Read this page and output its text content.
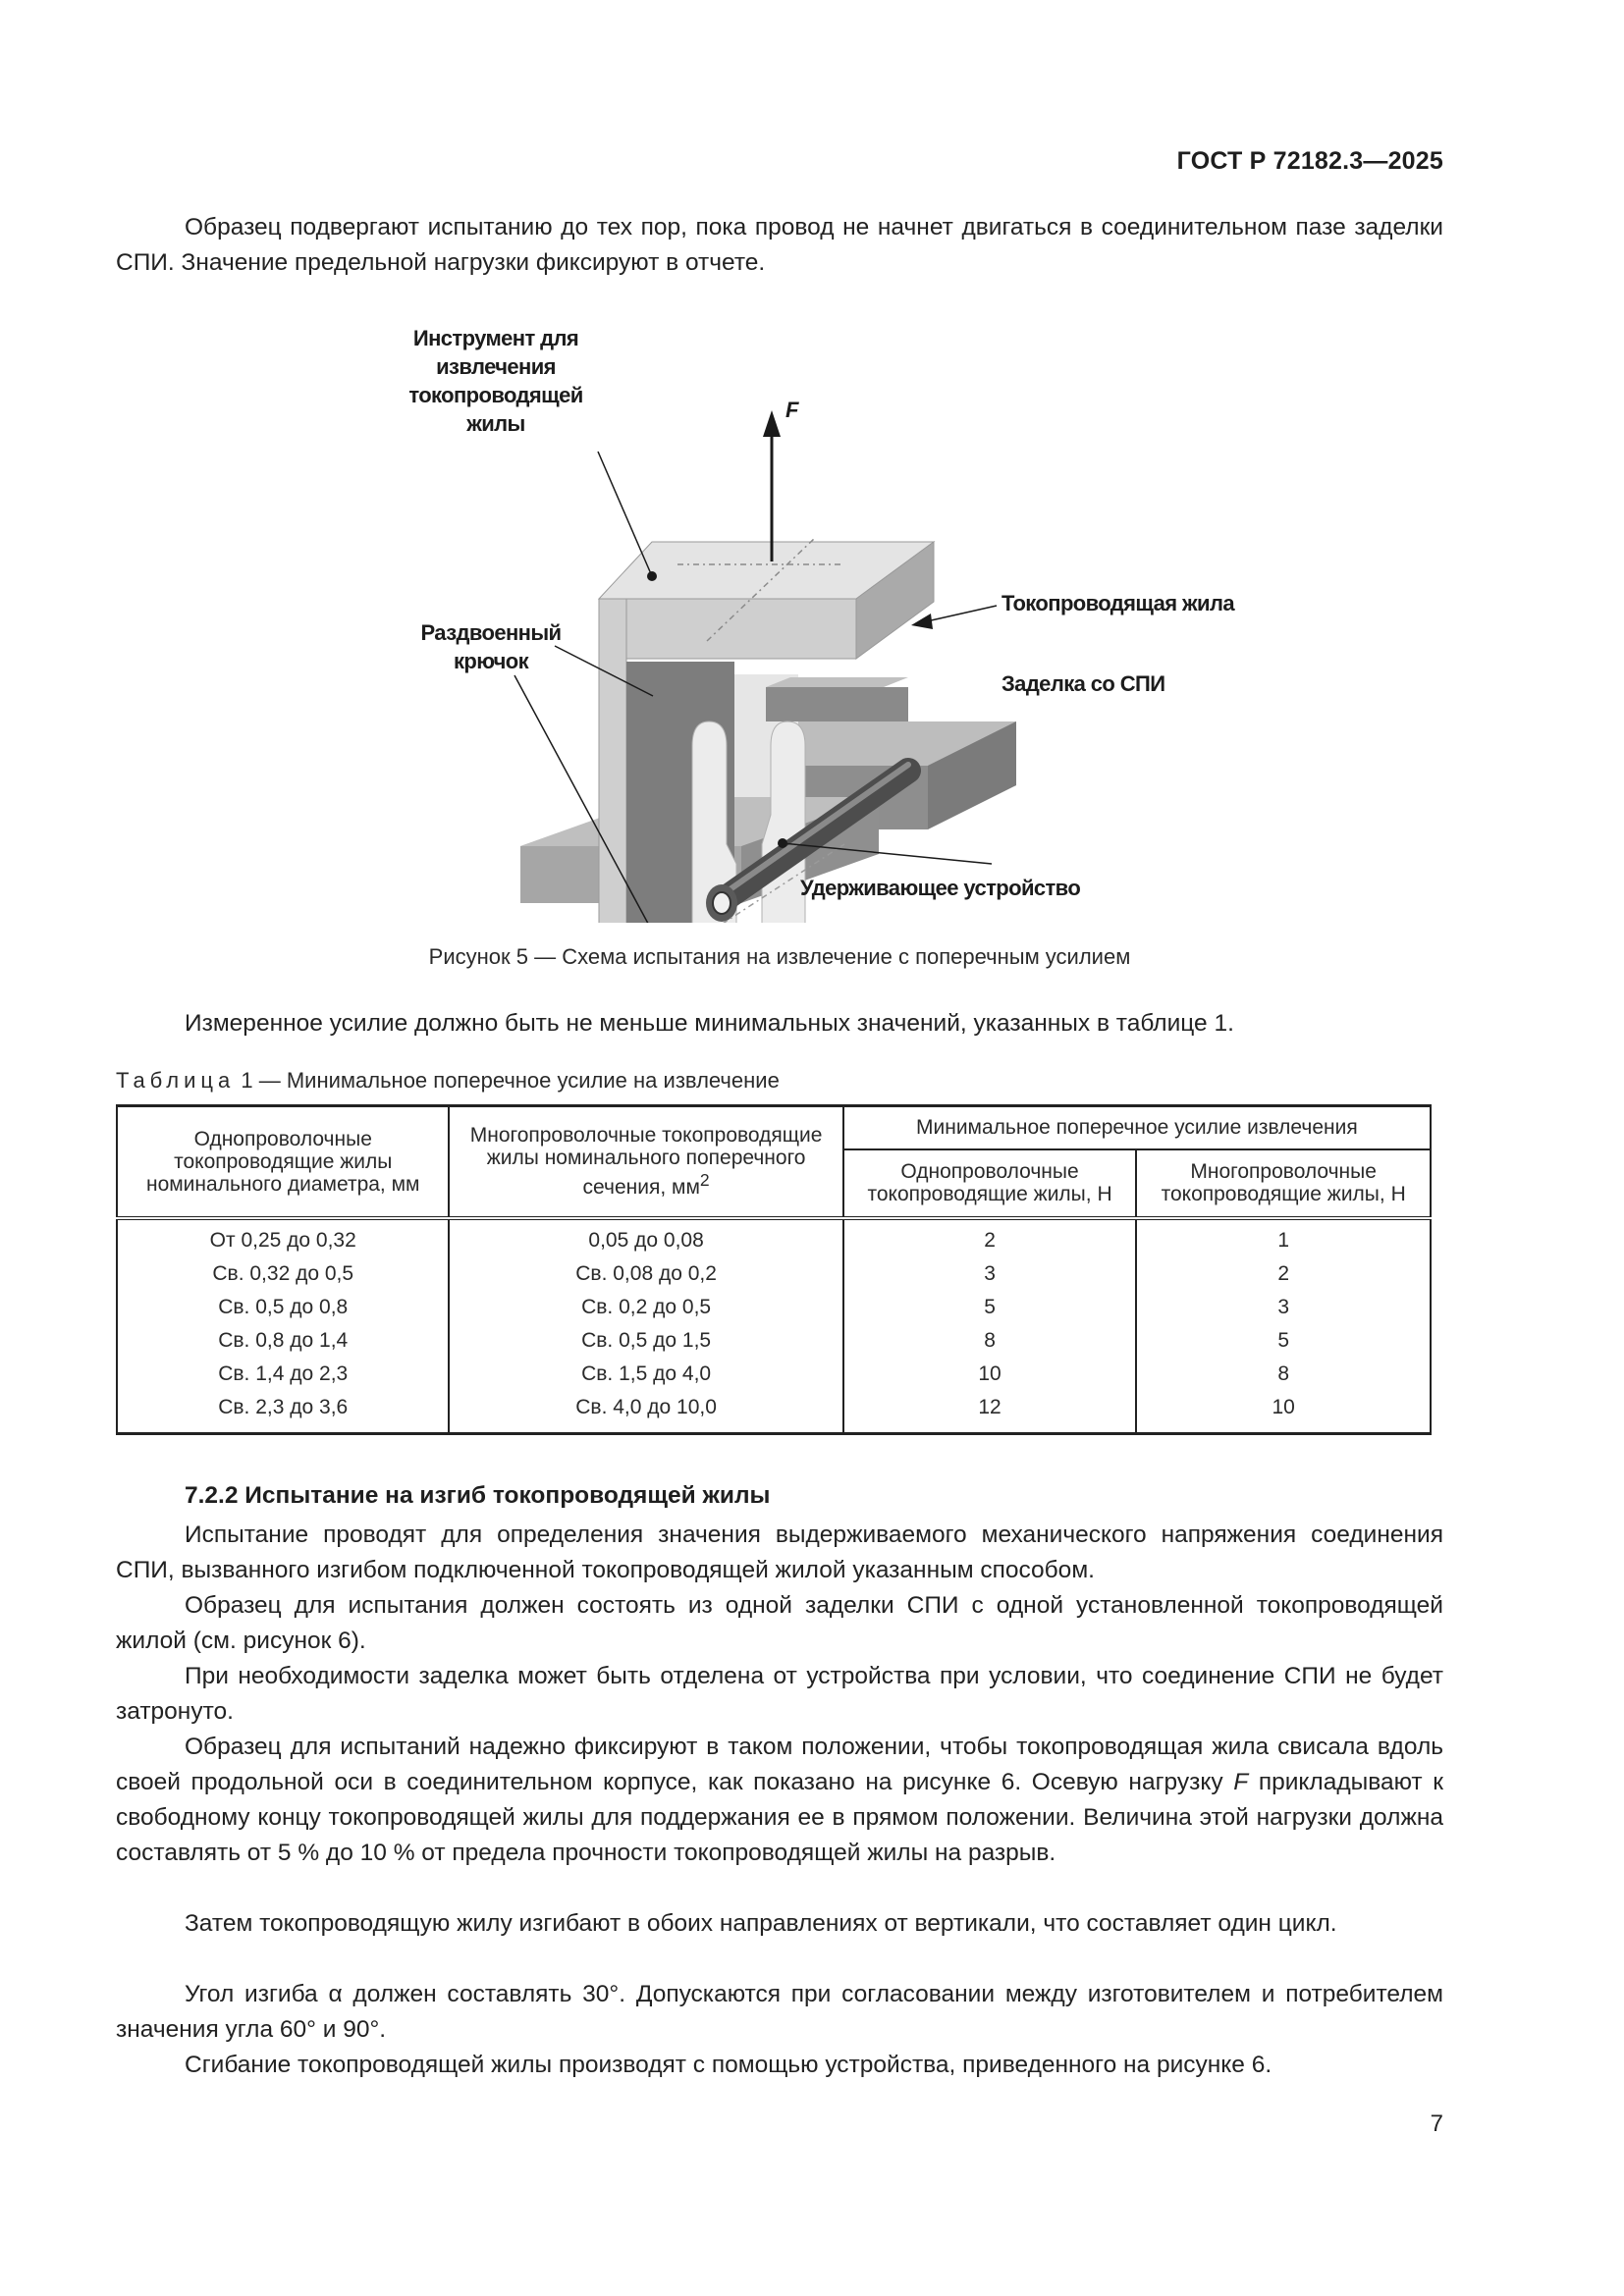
ГОСТ Р 72182.3—2025

Образец подвергают испытанию до тех пор, пока провод не начнет двигаться в соединительном пазе заделки СПИ. Значение предельной нагрузки фиксируют в отчете.

Инструмент для
извлечения
токопроводящей
жилы
F
Токопроводящая жила
Раздвоенный
крючок
Заделка со СПИ
Удерживающее устройство
Рисунок 5 — Схема испытания на извлечение с поперечным усилием

Измеренное усилие должно быть не меньше минимальных значений, указанных в таблице 1.

Таблица 1 — Минимальное поперечное усилие на извлечение
Однопроволочные токопроводящие жилы номинального диаметра, мм	Многопроволочные токопроводящие жилы номинального поперечного сечения, $мм^2$	Минимальное поперечное усилие извлечения	
		Однопроволочные токопроводящие жилы, Н	Многопроволочные токопроводящие жилы, Н
От 0,25 до 0,32	0,05 до 0,08	2	1
Св. 0,32 до 0,5	Св. 0,08 до 0,2	3	2
Св. 0,5 до 0,8	Св. 0,2 до 0,5	5	3
Св. 0,8 до 1,4	Св. 0,5 до 1,5	8	5
Св. 1,4 до 2,3	Св. 1,5 до 4,0	10	8
Св. 2,3 до 3,6	Св. 4,0 до 10,0	12	10
7.2.2 Испытание на изгиб токопроводящей жилы

Испытание проводят для определения значения выдерживаемого механического напряжения соединения СПИ, вызванного изгибом подключенной токопроводящей жилой указанным способом.

Образец для испытания должен состоять из одной заделки СПИ с одной установленной токопроводящей жилой (см. рисунок 6).

При необходимости заделка может быть отделена от устройства при условии, что соединение СПИ не будет затронуто.

Образец для испытаний надежно фиксируют в таком положении, чтобы токопроводящая жила свисала вдоль своей продольной оси в соединительном корпусе, как показано на рисунке 6. Осевую нагрузку F прикладывают к свободному концу токопроводящей жилы для поддержания ее в прямом положении. Величина этой нагрузки должна составлять от 5 % до 10 % от предела прочности токопроводящей жилы на разрыв.

Затем токопроводящую жилу изгибают в обоих направлениях от вертикали, что составляет один цикл.

Угол изгиба α должен составлять 30°. Допускаются при согласовании между изготовителем и потребителем значения угла 60° и 90°.

Сгибание токопроводящей жилы производят с помощью устройства, приведенного на рисунке 6.

7
